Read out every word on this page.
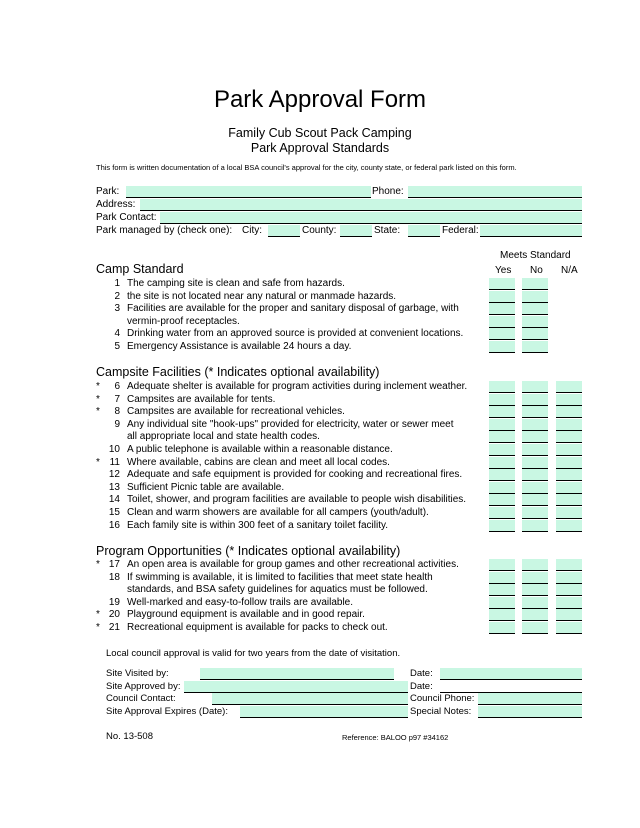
Park Approval Form
Family Cub Scout Pack Camping
Park Approval Standards
This form is written documentation of a local BSA council's approval for the city, county state, or federal park listed on this form.
Park:	Phone:
Address:
Park Contact:
Park managed by (check one): City:	County:	State:	Federal:
Meets Standard
Yes No N/A
Camp Standard
Campsite Facilities (* Indicates optional availability)
Program Opportunities (* Indicates optional availability)
1 The camping site is clean and safe from hazards.
2 the site is not located near any natural or manmade hazards.
3 Facilities are available for the proper and sanitary disposal of garbage, with
vermin-proof receptacles.
4 Drinking water from an approved source is provided at convenient locations.
5 Emergency Assistance is available 24 hours a day.
*	6 Adequate shelter is available for program activities during inclement weather.
*	7 Campsites are available for tents.
*	8 Campsites are available for recreational vehicles.
9 Any individual site "hook-ups" provided for electricity, water or sewer meet
all appropriate local and state health codes.
10 A public telephone is available within a reasonable distance.
* 11 Where available, cabins are clean and meet all local codes.
12 Adequate and safe equipment is provided for cooking and recreational fires.
13 Sufficient Picnic table are available.
14 Toilet, shower, and program facilities are available to people wish disabilities.
15 Clean and warm showers are available for all campers (youth/adult).
16 Each family site is within 300 feet of a sanitary toilet facility.
* 17 An open area is available for group games and other recreational activities.
18 If swimming is available, it is limited to facilities that meet state health
standards, and BSA safety guidelines for aquatics must be followed.
19 Well-marked and easy-to-follow trails are available.
* 20 Playground equipment is available and in good repair.
* 21 Recreational equipment is available for packs to check out.
Local council approval is valid for two years from the date of visitation.
Site Visited by:	Date:
Site Approved by:	Date:
Council Contact:	Council Phone:
Site Approval Expires (Date):	Special Notes:
No. 13-508	Reference: BALOO p97 #34162
